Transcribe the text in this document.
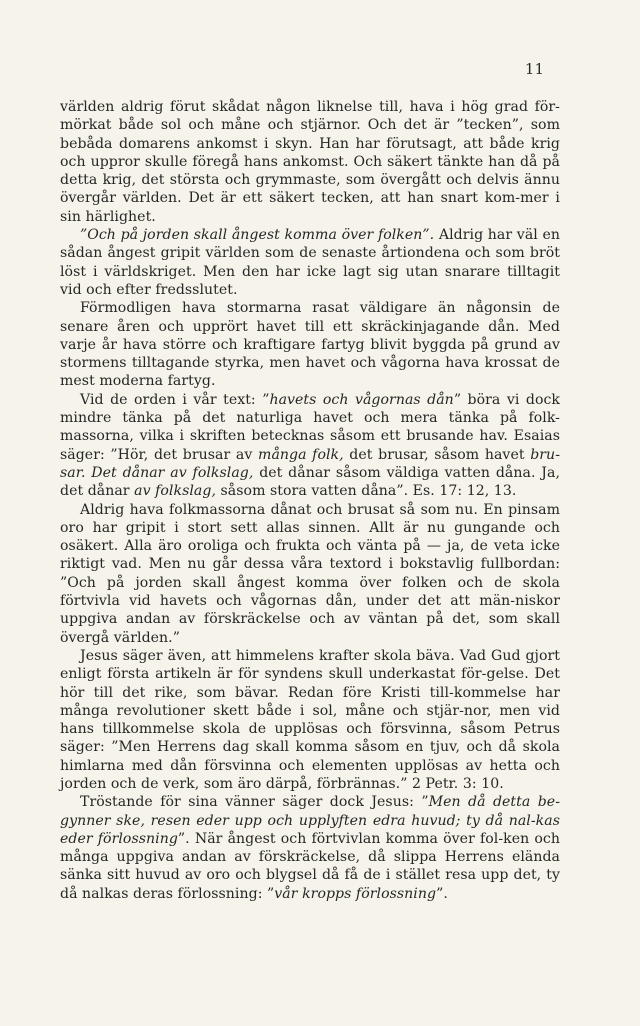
11

världen aldrig förut skådat någon liknelse till, hava i hög grad för-mörkat både sol och måne och stjärnor. Och det är ”tecken”, som bebåda domarens ankomst i skyn. Han har förutsagt, att både krig och uppror skulle föregå hans ankomst. Och säkert tänkte han då på detta krig, det största och grymmaste, som övergått och delvis ännu övergår världen. Det är ett säkert tecken, att han snart kom-mer i sin härlighet.

”Och på jorden skall ångest komma över folken”. Aldrig har väl en sådan ångest gripit världen som de senaste årtiondena och som bröt löst i världskriget. Men den har icke lagt sig utan snarare tilltagit vid och efter fredsslutet.

Förmodligen hava stormarna rasat väldigare än någonsin de senare åren och upprört havet till ett skräckinjagande dån. Med varje år hava större och kraftigare fartyg blivit byggda på grund av stormens tilltagande styrka, men havet och vågorna hava krossat de mest moderna fartyg.

Vid de orden i vår text: ”havets och vågornas dån” böra vi dock mindre tänka på det naturliga havet och mera tänka på folk-massorna, vilka i skriften betecknas såsom ett brusande hav. Esaias säger: ”Hör, det brusar av många folk, det brusar, såsom havet bru-sar. Det dånar av folkslag, det dånar såsom väldiga vatten dåna. Ja, det dånar av folkslag, såsom stora vatten dåna”. Es. 17: 12, 13.

Aldrig hava folkmassorna dånat och brusat så som nu. En pinsam oro har gripit i stort sett allas sinnen. Allt är nu gungande och osäkert. Alla äro oroliga och frukta och vänta på — ja, de veta icke riktigt vad. Men nu går dessa våra textord i bokstavlig fullbordan: ”Och på jorden skall ångest komma över folken och de skola förtvivla vid havets och vågornas dån, under det att män-niskor uppgiva andan av förskräckelse och av väntan på det, som skall övergå världen.”

Jesus säger även, att himmelens krafter skola bäva. Vad Gud gjort enligt första artikeln är för syndens skull underkastat för-gelse. Det hör till det rike, som bävar. Redan före Kristi till-kommelse har många revolutioner skett både i sol, måne och stjär-nor, men vid hans tillkommelse skola de upplösas och försvinna, såsom Petrus säger: ”Men Herrens dag skall komma såsom en tjuv, och då skola himlarna med dån försvinna och elementen upplösas av hetta och jorden och de verk, som äro därpå, förbrännas.” 2 Petr. 3: 10.

Tröstande för sina vänner säger dock Jesus: ”Men då detta be-gynner ske, resen eder upp och upplyften edra huvud; ty då nal-kas eder förlossning”. När ångest och förtvivlan komma över fol-ken och många uppgiva andan av förskräckelse, då slippa Herrens elända sänka sitt huvud av oro och blygsel då få de i stället resa upp det, ty då nalkas deras förlossning: ”vår kropps förlossning”.
